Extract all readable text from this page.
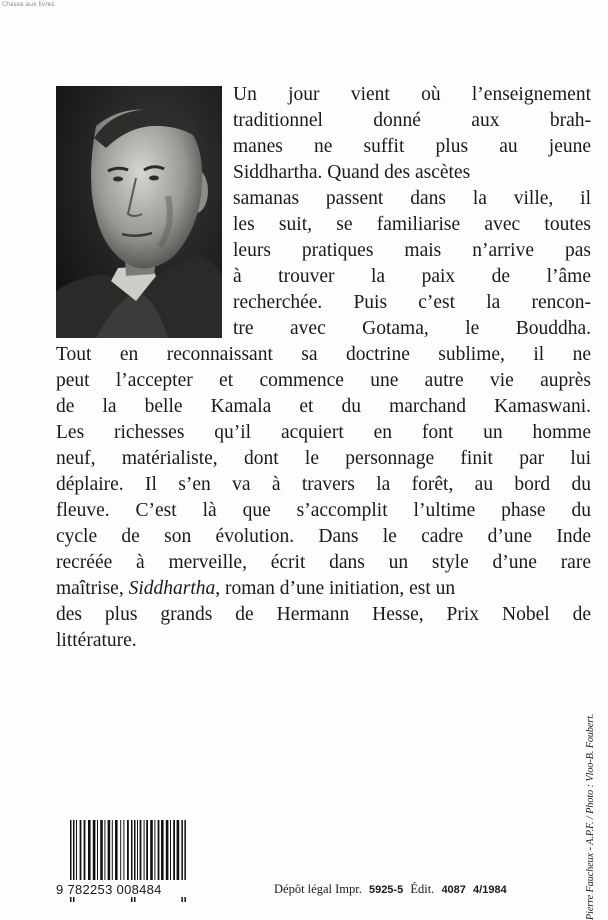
Chasse aux livres
Un jour vient où l’enseignement
traditionnel donné aux brah-
manes ne suffit plus au jeune
Siddhartha. Quand des ascètes
samanas passent dans la ville, il
les suit, se familiarise avec toutes
leurs pratiques mais n’arrive pas
à trouver la paix de l’âme
recherchée. Puis c’est la rencon-
tre avec Gotama, le Bouddha.
Tout en reconnaissant sa doctrine sublime, il ne
peut l’accepter et commence une autre vie auprès
de la belle Kamala et du marchand Kamaswani.
Les richesses qu’il acquiert en font un homme
neuf, matérialiste, dont le personnage finit par lui
déplaire. Il s’en va à travers la forêt, au bord du
fleuve. C’est là que s’accomplit l’ultime phase du
cycle de son évolution. Dans le cadre d’une Inde
recréée à merveille, écrit dans un style d’une rare
maîtrise, Siddhartha, roman d’une initiation, est un
des plus grands de Hermann Hesse, Prix Nobel de
littérature.
9 782253 008484	Dépôt légal Impr. 5925-5 Édit. 4087 4/1984	Pierre Faucheux - A.P.F. / Photo : Vloo-B. Foubert.
